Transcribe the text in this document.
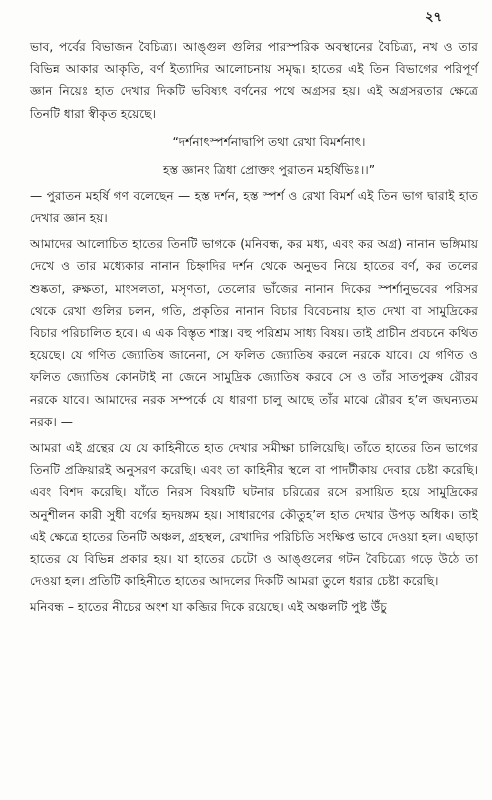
২৭

ভাব, পর্বের বিভাজন বৈচিত্র্য। আঙ্গুল গুলির পারস্পরিক অবস্থানের বৈচিত্র্য, নখ ও তার বিভিন্ন আকার আকৃতি, বর্ণ ইত্যাদির আলোচনায় সমৃদ্ধ। হাতের এই তিন বিভাগের পরিপূর্ণ জ্ঞান নিয়েঃ হাত দেখার দিকটি ভবিষ্যৎ বর্ণনের পথে অগ্রসর হয়। এই অগ্রসরতার ক্ষেত্রে তিনটি ধারা স্বীকৃত হয়েছে।

“দর্শনাৎস্পর্শনাদ্বাপি তথা রেখা বিমর্শনাৎ।
হস্ত জ্ঞানং ত্রিধা প্রোক্তং পুরাতন মহর্ষিভিঃ।।”

— পুরাতন মহর্ষি গণ বলেছেন — হস্ত দর্শন, হস্ত স্পর্শ ও রেখা বিমর্শ এই তিন ভাগ দ্বারাই হাত দেখার জ্ঞান হয়।

আমাদের আলোচিত হাতের তিনটি ভাগকে (মনিবন্ধ, কর মধ্য, এবং কর অগ্র) নানান ভঙ্গিমায় দেখে ও তার মধ্যেকার নানান চিহ্নাদির দর্শন থেকে অনুভব নিয়ে হাতের বর্ণ, কর তলের শুষ্কতা, রুক্ষতা, মাংসলতা, মসৃণতা, তেলোর ভাঁজের নানান দিকের স্পর্শানুভবের পরিসর থেকে রেখা গুলির চলন, গতি, প্রকৃতির নানান বিচার বিবেচনায় হাত দেখা বা সামুদ্রিকের বিচার পরিচালিত হবে। এ এক বিস্তৃত শাস্ত্র। বহু পরিশ্রম সাধ্য বিষয়। তাই প্রাচীন প্রবচনে কথিত হয়েছে। যে গণিত জ্যোতিষ জানেনা, সে ফলিত জ্যোতিষ করলে নরকে যাবে। যে গণিত ও ফলিত জ্যোতিষ কোনটাই না জেনে সামুদ্রিক জ্যোতিষ করবে সে ও তাঁর সাতপুরুষ রৌরব নরকে যাবে। আমাদের নরক সম্পর্কে যে ধারণা চালু আছে তাঁর মাঝে রৌরব হ’ল জঘন্যতম নরক। —

আমরা এই গ্রন্থের যে যে কাহিনীতে হাত দেখার সমীক্ষা চালিয়েছি। তাঁতে হাতের তিন ভাগের তিনটি প্রক্রিয়ারই অনুসরণ করেছি। এবং তা কাহিনীর স্থলে বা পাদটীকায় দেবার চেষ্টা করেছি। এবং বিশদ করেছি। যাঁতে নিরস বিষয়টি ঘটনার চরিত্রের রসে রসায়িত হয়ে সামুদ্রিকের অনুশীলন কারী সুধী বর্গের হৃদয়ঙ্গম হয়। সাধারণের কৌতুহ’ল হাত দেখার উপড় অধিক। তাই এই ক্ষেত্রে হাতের তিনটি অঞ্চল, গ্রহস্থল, রেখাদির পরিচিতি সংক্ষিপ্ত ভাবে দেওয়া হল। এছাড়া হাতের যে বিভিন্ন প্রকার হয়। যা হাতের চেটো ও আঙ্গুলের গটন বৈচিত্র্যে গড়ে উঠে তা দেওয়া হল। প্রতিটি কাহিনীতে হাতের আদলের দিকটি আমরা তুলে ধরার চেষ্টা করেছি।

মনিবন্ধ – হাতের নীচের অংশ যা কব্জির দিকে রয়েছে। এই অঞ্চলটি পুষ্ট উঁচু
